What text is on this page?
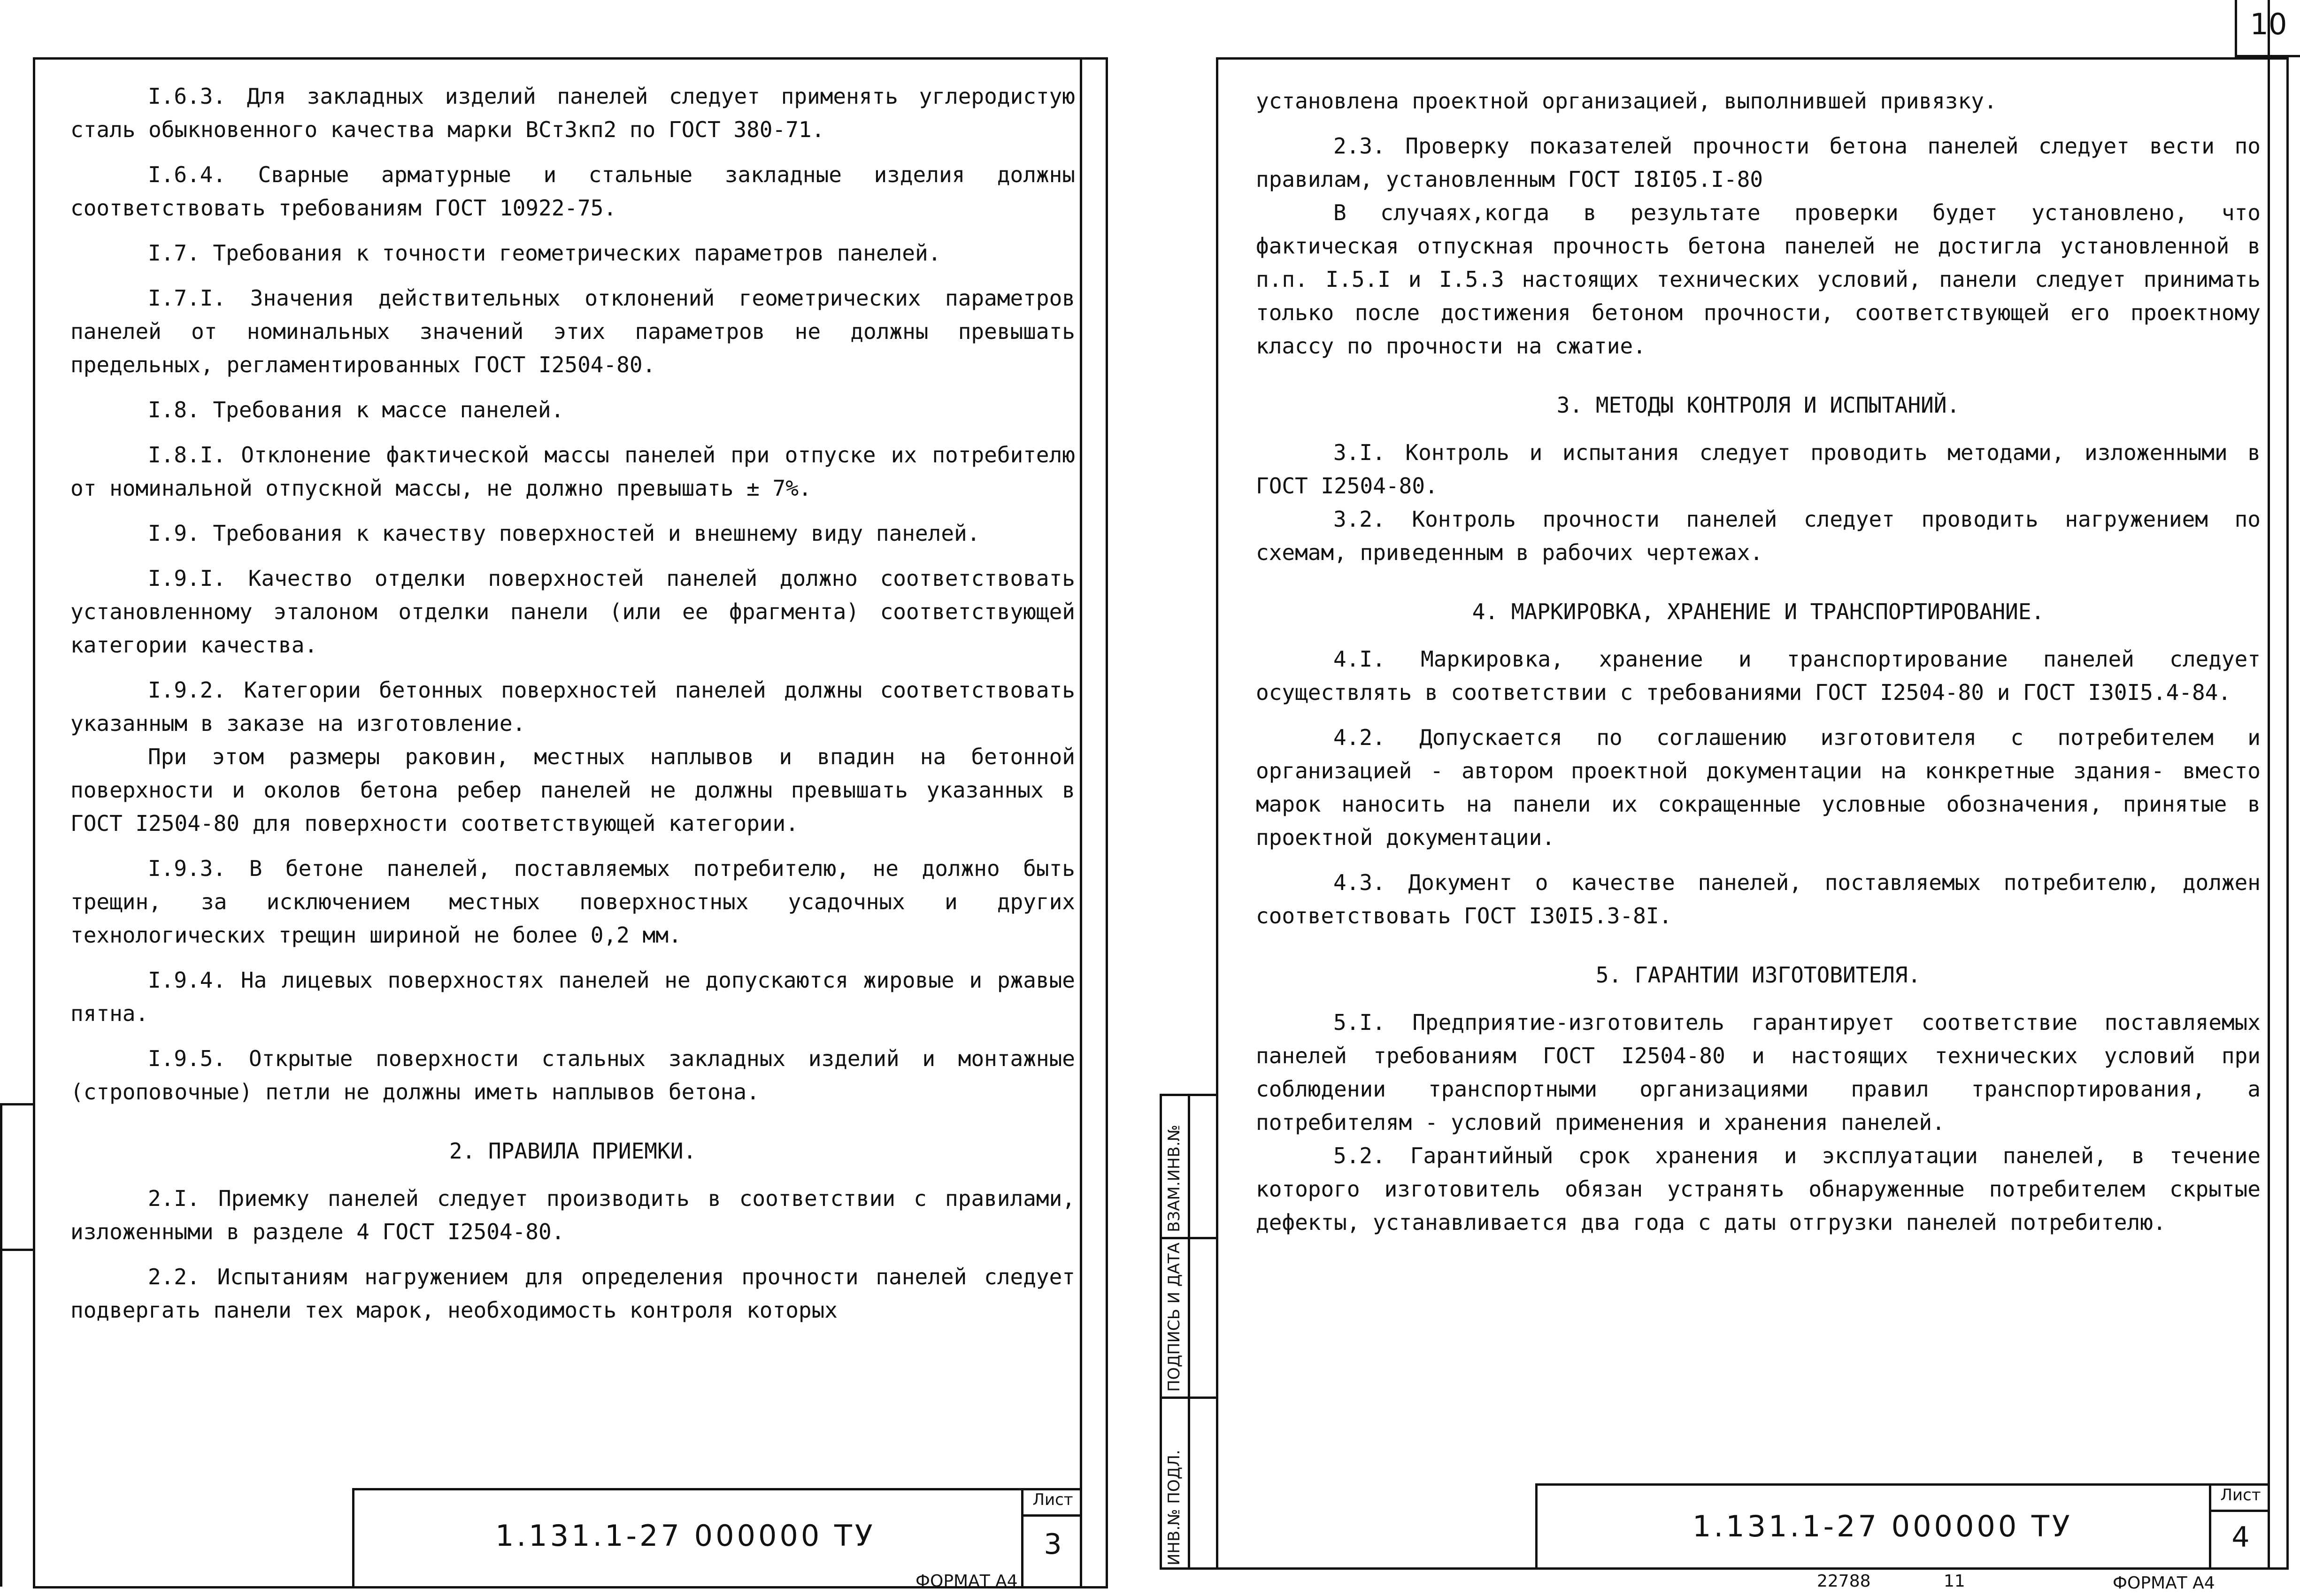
I.6.3. Для закладных изделий панелей следует применять углеродистую сталь обыкновенного качества марки ВСт3кп2 по ГОСТ 380-71.

I.6.4. Сварные арматурные и стальные закладные изделия должны соответствовать требованиям ГОСТ 10922-75.

I.7. Требования к точности геометрических параметров панелей.

I.7.I. Значения действительных отклонений геометрических параметров панелей от номинальных значений этих параметров не должны превышать предельных, регламентированных ГОСТ I2504-80.

I.8. Требования к массе панелей.

I.8.I. Отклонение фактической массы панелей при отпуске их потребителю от номинальной отпускной массы, не должно превышать ± 7%.

I.9. Требования к качеству поверхностей и внешнему виду панелей.

I.9.I. Качество отделки поверхностей панелей должно соответствовать установленному эталоном отделки панели (или ее фрагмента) соответствующей категории качества.

I.9.2. Категории бетонных поверхностей панелей должны соответствовать указанным в заказе на изготовление.

При этом размеры раковин, местных наплывов и впадин на бетонной поверхности и околов бетона ребер панелей не должны превышать указанных в ГОСТ I2504-80 для поверхности соответствующей категории.

I.9.3. В бетоне панелей, поставляемых потребителю, не должно быть трещин, за исключением местных поверхностных усадочных и других технологических трещин шириной не более 0,2 мм.

I.9.4. На лицевых поверхностях панелей не допускаются жировые и ржавые пятна.

I.9.5. Открытые поверхности стальных закладных изделий и монтажные (строповочные) петли не должны иметь наплывов бетона.

2. ПРАВИЛА ПРИЕМКИ.

2.I. Приемку панелей следует производить в соответствии с правилами, изложенными в разделе 4 ГОСТ I2504-80.

2.2. Испытаниям нагружением для определения прочности панелей следует подвергать панели тех марок, необходимость контроля которых

1.131.1-27 000000 ТУ
Лист
3
ФОРМАТ А4
10

установлена проектной организацией, выполнившей привязку.

2.3. Проверку показателей прочности бетона панелей следует вести по правилам, установленным ГОСТ I8I05.I-80

В случаях,когда в результате проверки будет установлено, что фактическая отпускная прочность бетона панелей не достигла установленной в п.п. I.5.I и I.5.3 настоящих технических условий, панели следует принимать только после достижения бетоном прочности, соответствующей его проектному классу по прочности на сжатие.

3. МЕТОДЫ КОНТРОЛЯ И ИСПЫТАНИЙ.

3.I. Контроль и испытания следует проводить методами, изложенными в ГОСТ I2504-80.

3.2. Контроль прочности панелей следует проводить нагружением по схемам, приведенным в рабочих чертежах.

4. МАРКИРОВКА, ХРАНЕНИЕ И ТРАНСПОРТИРОВАНИЕ.

4.I. Маркировка, хранение и транспортирование панелей следует осуществлять в соответствии с требованиями ГОСТ I2504-80 и ГОСТ I30I5.4-84.

4.2. Допускается по соглашению изготовителя с потребителем и организацией - автором проектной документации на конкретные здания- вместо марок наносить на панели их сокращенные условные обозначения, принятые в проектной документации.

4.3. Документ о качестве панелей, поставляемых потребителю, должен соответствовать ГОСТ I30I5.3-8I.

5. ГАРАНТИИ ИЗГОТОВИТЕЛЯ.

5.I. Предприятие-изготовитель гарантирует соответствие поставляемых панелей требованиям ГОСТ I2504-80 и настоящих технических условий при соблюдении транспортными организациями правил транспортирования, а потребителям - условий применения и хранения панелей.

5.2. Гарантийный срок хранения и эксплуатации панелей, в течение которого изготовитель обязан устранять обнаруженные потребителем скрытые дефекты, устанавливается два года с даты отгрузки панелей потребителю.

ИНВ.№ ПОДЛ.
ПОДПИСЬ И ДАТА
ВЗАМ.ИНВ.№
1.131.1-27 000000 ТУ
Лист
4
22788	11	ФОРМАТ А4
